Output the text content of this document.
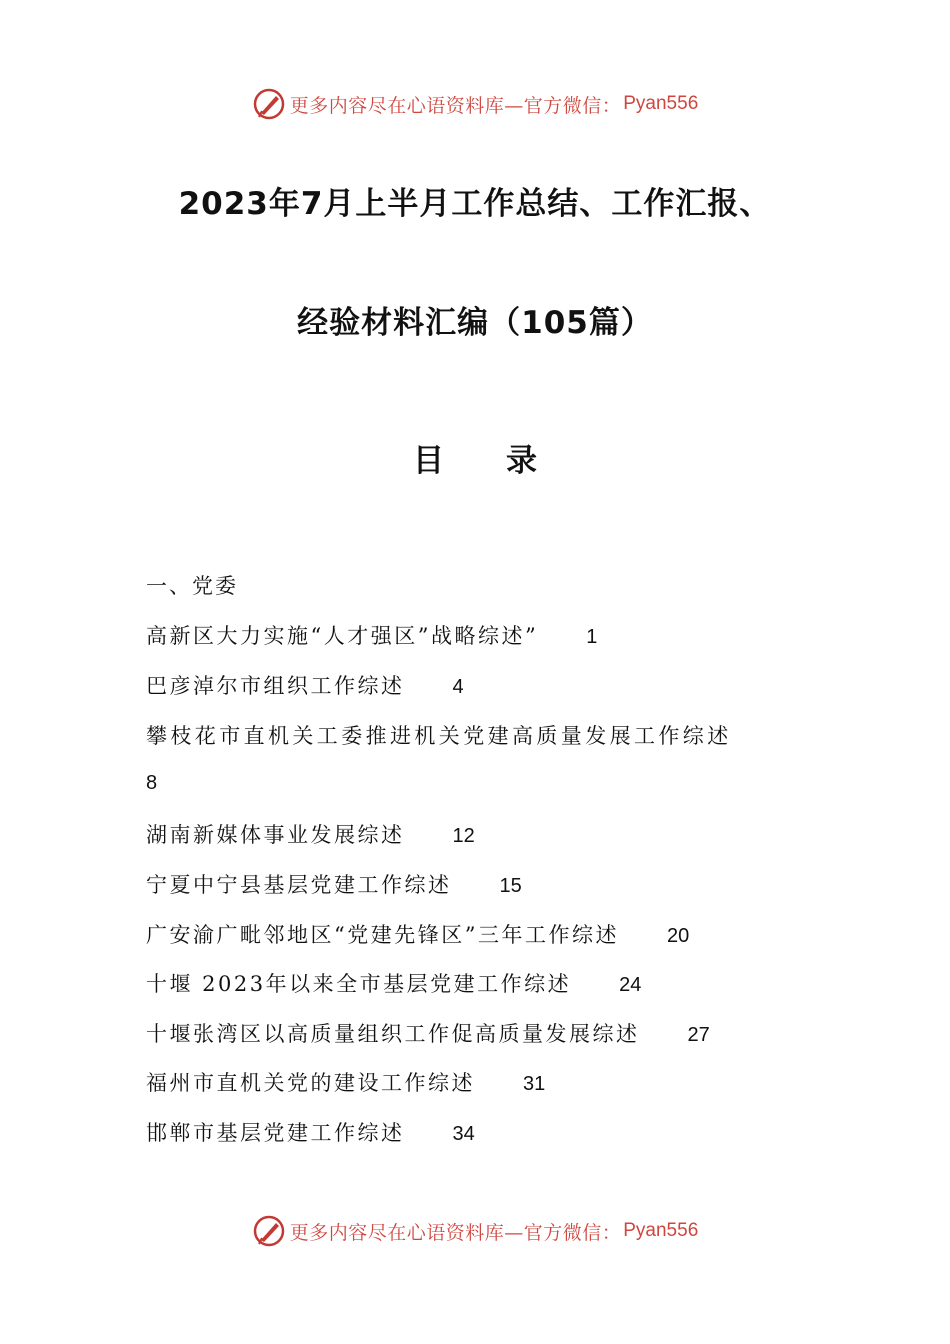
更多内容尽在心语资料库—官方微信： Pyan556
2023年7月上半月工作总结、工作汇报、
经验材料汇编（105篇）
目 录
一、党委
高新区大力实施“人才强区”战略综述” 1
巴彦淖尔市组织工作综述 4
攀枝花市直机关工委推进机关党建高质量发展工作综述
8
湖南新媒体事业发展综述 12
宁夏中宁县基层党建工作综述 15
广安渝广毗邻地区“党建先锋区”三年工作综述 20
十堰 2023年以来全市基层党建工作综述 24
十堰张湾区以高质量组织工作促高质量发展综述 27
福州市直机关党的建设工作综述 31
邯郸市基层党建工作综述 34
更多内容尽在心语资料库—官方微信： Pyan556
